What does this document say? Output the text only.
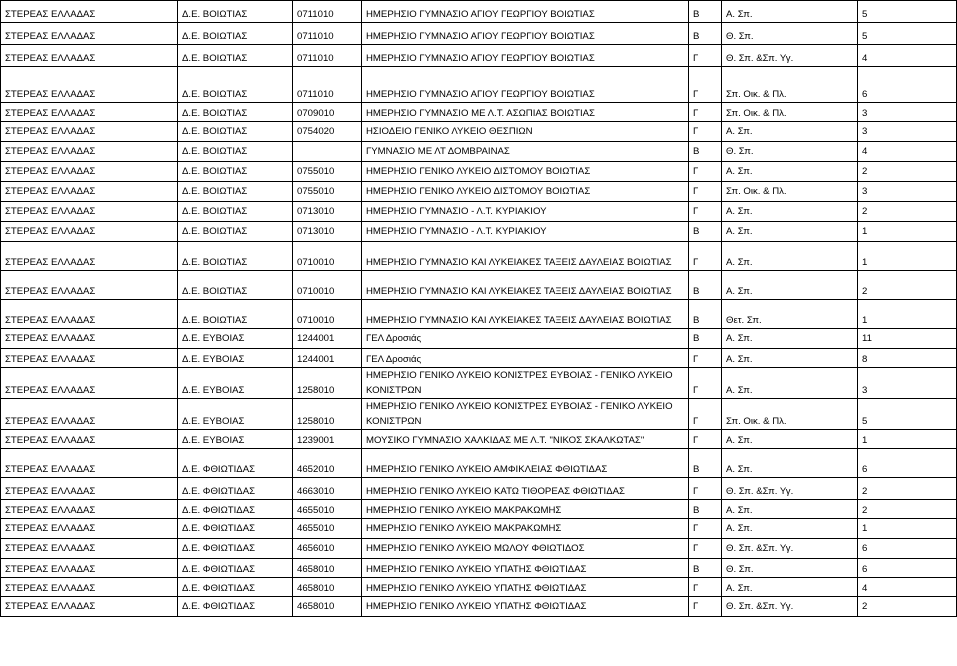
ΣΤΕΡΕΑΣ ΕΛΛΑΔΑΣ	Δ.Ε. ΒΟΙΩΤΙΑΣ	0711010	ΗΜΕΡΗΣΙΟ ΓΥΜΝΑΣΙΟ ΑΓΙΟΥ ΓΕΩΡΓΙΟΥ ΒΟΙΩΤΙΑΣ	Β	Α. Σπ.	5
ΣΤΕΡΕΑΣ ΕΛΛΑΔΑΣ	Δ.Ε. ΒΟΙΩΤΙΑΣ	0711010	ΗΜΕΡΗΣΙΟ ΓΥΜΝΑΣΙΟ ΑΓΙΟΥ ΓΕΩΡΓΙΟΥ ΒΟΙΩΤΙΑΣ	Β	Θ. Σπ.	5
ΣΤΕΡΕΑΣ ΕΛΛΑΔΑΣ	Δ.Ε. ΒΟΙΩΤΙΑΣ	0711010	ΗΜΕΡΗΣΙΟ ΓΥΜΝΑΣΙΟ ΑΓΙΟΥ ΓΕΩΡΓΙΟΥ ΒΟΙΩΤΙΑΣ	Γ	Θ. Σπ. &Σπ. Υγ.	4
ΣΤΕΡΕΑΣ ΕΛΛΑΔΑΣ	Δ.Ε. ΒΟΙΩΤΙΑΣ	0711010	ΗΜΕΡΗΣΙΟ ΓΥΜΝΑΣΙΟ ΑΓΙΟΥ ΓΕΩΡΓΙΟΥ ΒΟΙΩΤΙΑΣ	Γ	Σπ. Οικ. & Πλ.	6
ΣΤΕΡΕΑΣ ΕΛΛΑΔΑΣ	Δ.Ε. ΒΟΙΩΤΙΑΣ	0709010	ΗΜΕΡΗΣΙΟ ΓΥΜΝΑΣΙΟ ΜΕ Λ.Τ. ΑΣΩΠΙΑΣ ΒΟΙΩΤΙΑΣ	Γ	Σπ. Οικ. & Πλ.	3
ΣΤΕΡΕΑΣ ΕΛΛΑΔΑΣ	Δ.Ε. ΒΟΙΩΤΙΑΣ	0754020	ΗΣΙΟΔΕΙΟ ΓΕΝΙΚΟ ΛΥΚΕΙΟ ΘΕΣΠΙΩΝ	Γ	Α. Σπ.	3
ΣΤΕΡΕΑΣ ΕΛΛΑΔΑΣ	Δ.Ε. ΒΟΙΩΤΙΑΣ		ΓΥΜΝΑΣΙΟ ΜΕ ΛΤ ΔΟΜΒΡΑΙΝΑΣ	Β	Θ. Σπ.	4
ΣΤΕΡΕΑΣ ΕΛΛΑΔΑΣ	Δ.Ε. ΒΟΙΩΤΙΑΣ	0755010	ΗΜΕΡΗΣΙΟ ΓΕΝΙΚΟ ΛΥΚΕΙΟ ΔΙΣΤΟΜΟΥ ΒΟΙΩΤΙΑΣ	Γ	Α. Σπ.	2
ΣΤΕΡΕΑΣ ΕΛΛΑΔΑΣ	Δ.Ε. ΒΟΙΩΤΙΑΣ	0755010	ΗΜΕΡΗΣΙΟ ΓΕΝΙΚΟ ΛΥΚΕΙΟ ΔΙΣΤΟΜΟΥ ΒΟΙΩΤΙΑΣ	Γ	Σπ. Οικ. & Πλ.	3
ΣΤΕΡΕΑΣ ΕΛΛΑΔΑΣ	Δ.Ε. ΒΟΙΩΤΙΑΣ	0713010	ΗΜΕΡΗΣΙΟ ΓΥΜΝΑΣΙΟ - Λ.Τ. ΚΥΡΙΑΚΙΟΥ	Γ	Α. Σπ.	2
ΣΤΕΡΕΑΣ ΕΛΛΑΔΑΣ	Δ.Ε. ΒΟΙΩΤΙΑΣ	0713010	ΗΜΕΡΗΣΙΟ ΓΥΜΝΑΣΙΟ - Λ.Τ. ΚΥΡΙΑΚΙΟΥ	Β	Α. Σπ.	1
ΣΤΕΡΕΑΣ ΕΛΛΑΔΑΣ	Δ.Ε. ΒΟΙΩΤΙΑΣ	0710010	ΗΜΕΡΗΣΙΟ ΓΥΜΝΑΣΙΟ ΚΑΙ ΛΥΚΕΙΑΚΕΣ ΤΑΞΕΙΣ ΔΑΥΛΕΙΑΣ ΒΟΙΩΤΙΑΣ	Γ	Α. Σπ.	1
ΣΤΕΡΕΑΣ ΕΛΛΑΔΑΣ	Δ.Ε. ΒΟΙΩΤΙΑΣ	0710010	ΗΜΕΡΗΣΙΟ ΓΥΜΝΑΣΙΟ ΚΑΙ ΛΥΚΕΙΑΚΕΣ ΤΑΞΕΙΣ ΔΑΥΛΕΙΑΣ ΒΟΙΩΤΙΑΣ	Β	Α. Σπ.	2
ΣΤΕΡΕΑΣ ΕΛΛΑΔΑΣ	Δ.Ε. ΒΟΙΩΤΙΑΣ	0710010	ΗΜΕΡΗΣΙΟ ΓΥΜΝΑΣΙΟ ΚΑΙ ΛΥΚΕΙΑΚΕΣ ΤΑΞΕΙΣ ΔΑΥΛΕΙΑΣ ΒΟΙΩΤΙΑΣ	Β	Θετ. Σπ.	1
ΣΤΕΡΕΑΣ ΕΛΛΑΔΑΣ	Δ.Ε. ΕΥΒΟΙΑΣ	1244001	ΓΕΛ Δροσιάς	Β	Α. Σπ.	11
ΣΤΕΡΕΑΣ ΕΛΛΑΔΑΣ	Δ.Ε. ΕΥΒΟΙΑΣ	1244001	ΓΕΛ Δροσιάς	Γ	Α. Σπ.	8
ΣΤΕΡΕΑΣ ΕΛΛΑΔΑΣ	Δ.Ε. ΕΥΒΟΙΑΣ	1258010	ΗΜΕΡΗΣΙΟ ΓΕΝΙΚΟ ΛΥΚΕΙΟ ΚΟΝΙΣΤΡΕΣ ΕΥΒΟΙΑΣ - ΓΕΝΙΚΟ ΛΥΚΕΙΟ ΚΟΝΙΣΤΡΩΝ	Γ	Α. Σπ.	3
ΣΤΕΡΕΑΣ ΕΛΛΑΔΑΣ	Δ.Ε. ΕΥΒΟΙΑΣ	1258010	ΗΜΕΡΗΣΙΟ ΓΕΝΙΚΟ ΛΥΚΕΙΟ ΚΟΝΙΣΤΡΕΣ ΕΥΒΟΙΑΣ - ΓΕΝΙΚΟ ΛΥΚΕΙΟ ΚΟΝΙΣΤΡΩΝ	Γ	Σπ. Οικ. & Πλ.	5
ΣΤΕΡΕΑΣ ΕΛΛΑΔΑΣ	Δ.Ε. ΕΥΒΟΙΑΣ	1239001	ΜΟΥΣΙΚΟ ΓΥΜΝΑΣΙΟ ΧΑΛΚΙΔΑΣ ΜΕ Λ.Τ. "ΝΙΚΟΣ ΣΚΑΛΚΩΤΑΣ"	Γ	Α. Σπ.	1
ΣΤΕΡΕΑΣ ΕΛΛΑΔΑΣ	Δ.Ε. ΦΘΙΩΤΙΔΑΣ	4652010	ΗΜΕΡΗΣΙΟ ΓΕΝΙΚΟ ΛΥΚΕΙΟ ΑΜΦΙΚΛΕΙΑΣ ΦΘΙΩΤΙΔΑΣ	Β	Α. Σπ.	6
ΣΤΕΡΕΑΣ ΕΛΛΑΔΑΣ	Δ.Ε. ΦΘΙΩΤΙΔΑΣ	4663010	ΗΜΕΡΗΣΙΟ ΓΕΝΙΚΟ ΛΥΚΕΙΟ ΚΑΤΩ ΤΙΘΟΡΕΑΣ ΦΘΙΩΤΙΔΑΣ	Γ	Θ. Σπ. &Σπ. Υγ.	2
ΣΤΕΡΕΑΣ ΕΛΛΑΔΑΣ	Δ.Ε. ΦΘΙΩΤΙΔΑΣ	4655010	ΗΜΕΡΗΣΙΟ ΓΕΝΙΚΟ ΛΥΚΕΙΟ ΜΑΚΡΑΚΩΜΗΣ	Β	Α. Σπ.	2
ΣΤΕΡΕΑΣ ΕΛΛΑΔΑΣ	Δ.Ε. ΦΘΙΩΤΙΔΑΣ	4655010	ΗΜΕΡΗΣΙΟ ΓΕΝΙΚΟ ΛΥΚΕΙΟ ΜΑΚΡΑΚΩΜΗΣ	Γ	Α. Σπ.	1
ΣΤΕΡΕΑΣ ΕΛΛΑΔΑΣ	Δ.Ε. ΦΘΙΩΤΙΔΑΣ	4656010	ΗΜΕΡΗΣΙΟ ΓΕΝΙΚΟ ΛΥΚΕΙΟ ΜΩΛΟΥ ΦΘΙΩΤΙΔΟΣ	Γ	Θ. Σπ. &Σπ. Υγ.	6
ΣΤΕΡΕΑΣ ΕΛΛΑΔΑΣ	Δ.Ε. ΦΘΙΩΤΙΔΑΣ	4658010	ΗΜΕΡΗΣΙΟ ΓΕΝΙΚΟ ΛΥΚΕΙΟ ΥΠΑΤΗΣ ΦΘΙΩΤΙΔΑΣ	Β	Θ. Σπ.	6
ΣΤΕΡΕΑΣ ΕΛΛΑΔΑΣ	Δ.Ε. ΦΘΙΩΤΙΔΑΣ	4658010	ΗΜΕΡΗΣΙΟ ΓΕΝΙΚΟ ΛΥΚΕΙΟ ΥΠΑΤΗΣ ΦΘΙΩΤΙΔΑΣ	Γ	Α. Σπ.	4
ΣΤΕΡΕΑΣ ΕΛΛΑΔΑΣ	Δ.Ε. ΦΘΙΩΤΙΔΑΣ	4658010	ΗΜΕΡΗΣΙΟ ΓΕΝΙΚΟ ΛΥΚΕΙΟ ΥΠΑΤΗΣ ΦΘΙΩΤΙΔΑΣ	Γ	Θ. Σπ. &Σπ. Υγ.	2
